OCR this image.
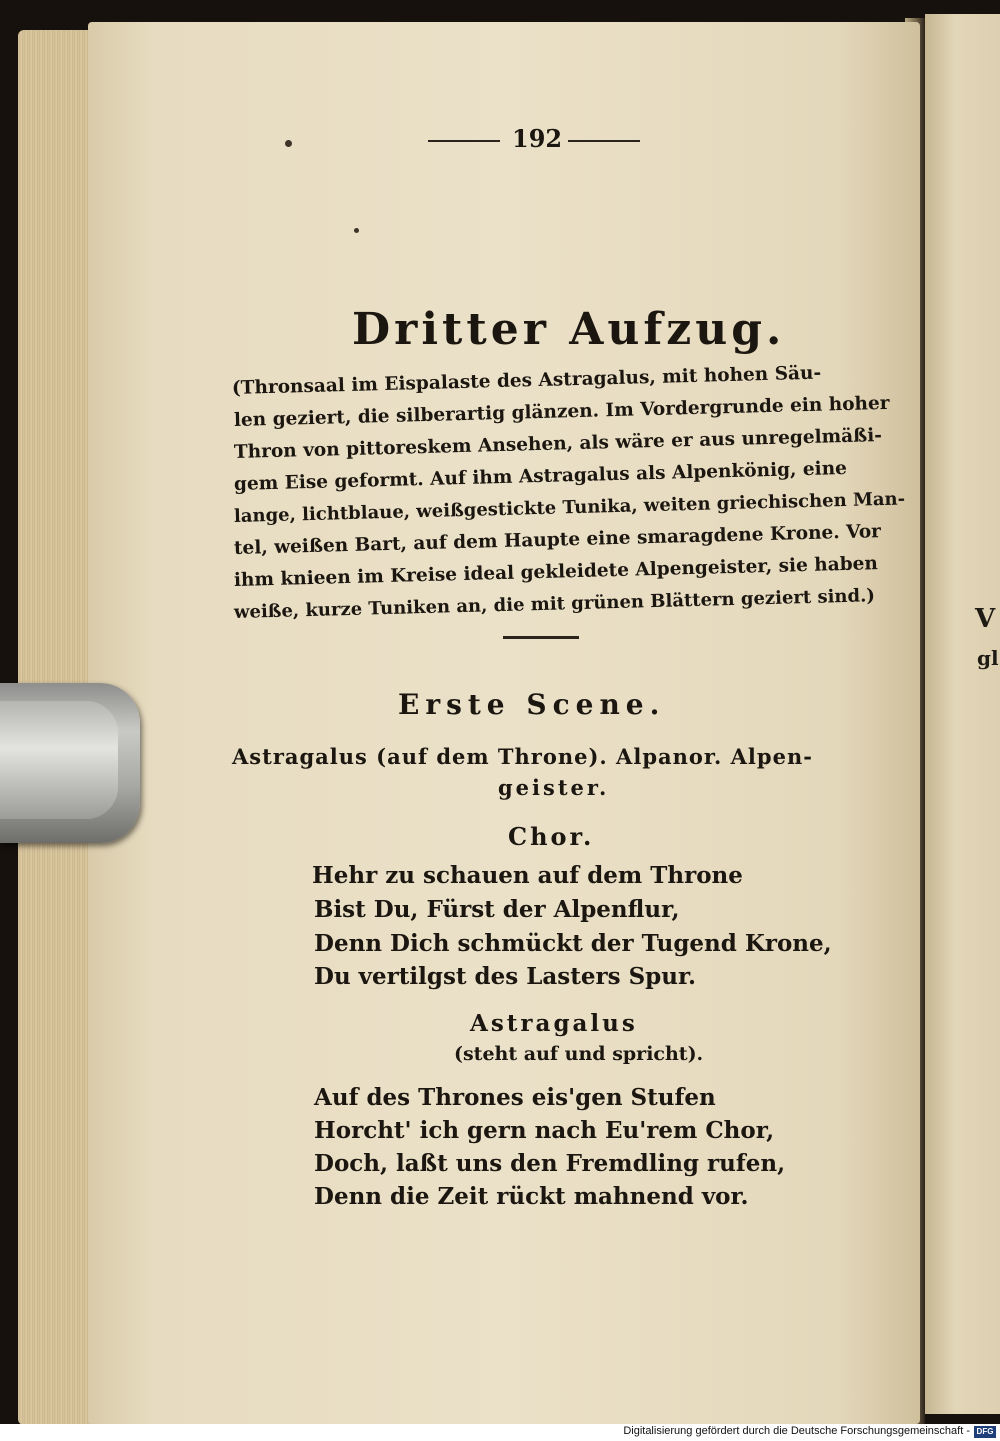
V
gl
192
Dritter Aufzug.
(Thronsaal im Eispalaste des Astragalus, mit hohen Säu-
len geziert, die silberartig glänzen. Im Vordergrunde ein hoher
Thron von pittoreskem Ansehen, als wäre er aus unregelmäßi-
gem Eise geformt. Auf ihm Astragalus als Alpenkönig, eine
lange, lichtblaue, weißgestickte Tunika, weiten griechischen Man-
tel, weißen Bart, auf dem Haupte eine smaragdene Krone. Vor
ihm knieen im Kreise ideal gekleidete Alpengeister, sie haben
weiße, kurze Tuniken an, die mit grünen Blättern geziert sind.)
Erste Scene.
Astragalus (auf dem Throne). Alpanor. Alpen-
geister.
Chor.
Hehr zu schauen auf dem Throne
Bist Du, Fürst der Alpenflur,
Denn Dich schmückt der Tugend Krone,
Du vertilgst des Lasters Spur.
Astragalus
(steht auf und spricht).
Auf des Thrones eis'gen Stufen
Horcht' ich gern nach Eu'rem Chor,
Doch, laßt uns den Fremdling rufen,
Denn die Zeit rückt mahnend vor.
Digitalisierung gefördert durch die Deutsche Forschungsgemeinschaft - DFG
